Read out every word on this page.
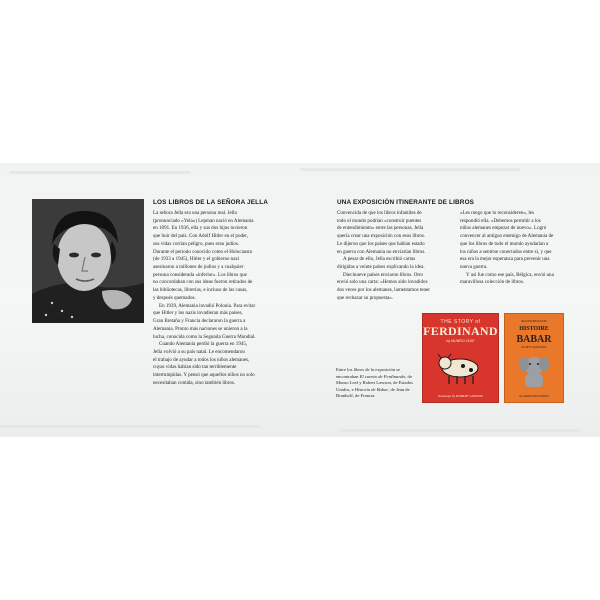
LOS LIBROS DE LA SEÑORA JELLA
La señora Jella era una persona real. Jella
(pronunciado «Yela») Lepman nació en Alemania
en 1891. En 1936, ella y sus dos hijos tuvieron
que huir del país. Con Adolf Hitler en el poder,
sus vidas corrían peligro, pues eran judíos.
Durante el periodo conocido como el Holocausto
(de 1933 a 1945), Hitler y el gobierno nazi
asesinaron a millones de judíos y a cualquier
persona considerada «inferior». Los libros que
no concordaban con sus ideas fueron retirados de
las bibliotecas, librerías, e incluso de las casas,
y después quemados.
En 1939, Alemania invadió Polonia. Para evitar
que Hitler y los nazis invadieran más países,
Gran Bretaña y Francia declararon la guerra a
Alemania. Pronto más naciones se unieron a la
lucha, conocida como la Segunda Guerra Mundial.
Cuando Alemania perdió la guerra en 1945,
Jella volvió a su país natal. Le encomendaron
el trabajo de ayudar a todos los niños alemanes,
cuyas vidas habían sido tan terriblemente
interrumpidas. Y pensó que aquellos niños no solo
necesitaban comida, sino también libros.
UNA EXPOSICIÓN ITINERANTE DE LIBROS
Convencida de que los libros infantiles de
todo el mundo podrían «construir puentes
de entendimiento» entre las personas, Jella
quería crear una exposición con esos libros.
Le dijeron que los países que habían estado
en guerra con Alemania no enviarían libros.
A pesar de ello, Jella escribió cartas
dirigidas a veinte países explicando la idea.
Diecinueve países enviaron libros. Otro
envió solo una carta: «Hemos sido invadidos
dos veces por los alemanes, lamentamos tener
que rechazar su propuesta».
«Les ruego que lo reconsideren», les
respondió ella. «Debemos permitir a los
niños alemanes empezar de nuevo». Logró
convencer al antiguo enemigo de Alemania de
que los libros de todo el mundo ayudarían a
los niños a sentirse conectados entre sí, y que
esa era la mejor esperanza para prevenir una
nueva guerra.
Y así fue como ese país, Bélgica, envió una
maravillosa colección de libros.
THE STORY of
FERDINAND
by MUNRO LEAF
Drawings by ROBERT LAWSON
JEAN DE BRUNHOFF
HISTOIRE
BABAR
LE PETIT ÉLÉPHANT
LE JARDIN DES MODES
Entre los libros de la exposición se encontraban El cuento de Ferdinando, de Munro Leaf y Robert Lawson, de Estados Unidos, e Historia de Babar, de Jean de Brunhoff, de Francia.
